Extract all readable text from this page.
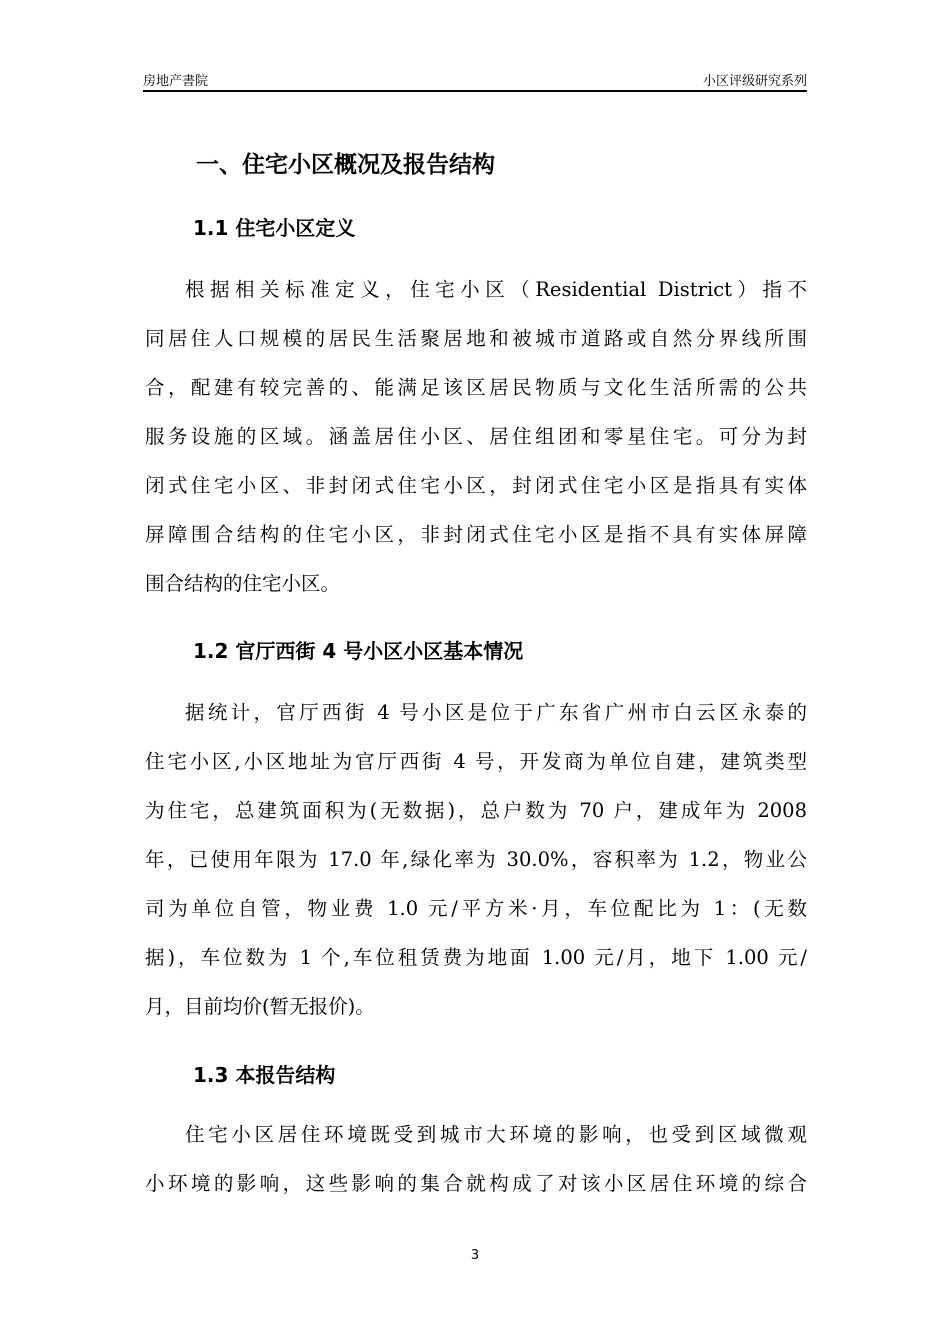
房地产書院	小区评级研究系列
一、住宅小区概况及报告结构
1.1 住宅小区定义
根据相关标准定义，住宅小区（Residential District）指不
同居住人口规模的居民生活聚居地和被城市道路或自然分界线所围
合，配建有较完善的、能满足该区居民物质与文化生活所需的公共
服务设施的区域。涵盖居住小区、居住组团和零星住宅。可分为封
闭式住宅小区、非封闭式住宅小区，封闭式住宅小区是指具有实体
屏障围合结构的住宅小区，非封闭式住宅小区是指不具有实体屏障
围合结构的住宅小区。
1.2 官厅西街 4 号小区小区基本情况
据统计，官厅西街 4 号小区是位于广东省广州市白云区永泰的
住宅小区,小区地址为官厅西街 4 号，开发商为单位自建，建筑类型
为住宅，总建筑面积为(无数据)，总户数为 70 户，建成年为 2008
年，已使用年限为 17.0 年,绿化率为 30.0%，容积率为 1.2，物业公
司为单位自管，物业费 1.0 元/平方米·月，车位配比为 1：(无数
据)，车位数为 1 个,车位租赁费为地面 1.00 元/月，地下 1.00 元/
月，目前均价(暂无报价)。
1.3 本报告结构
住宅小区居住环境既受到城市大环境的影响，也受到区域微观
小环境的影响，这些影响的集合就构成了对该小区居住环境的综合
3
